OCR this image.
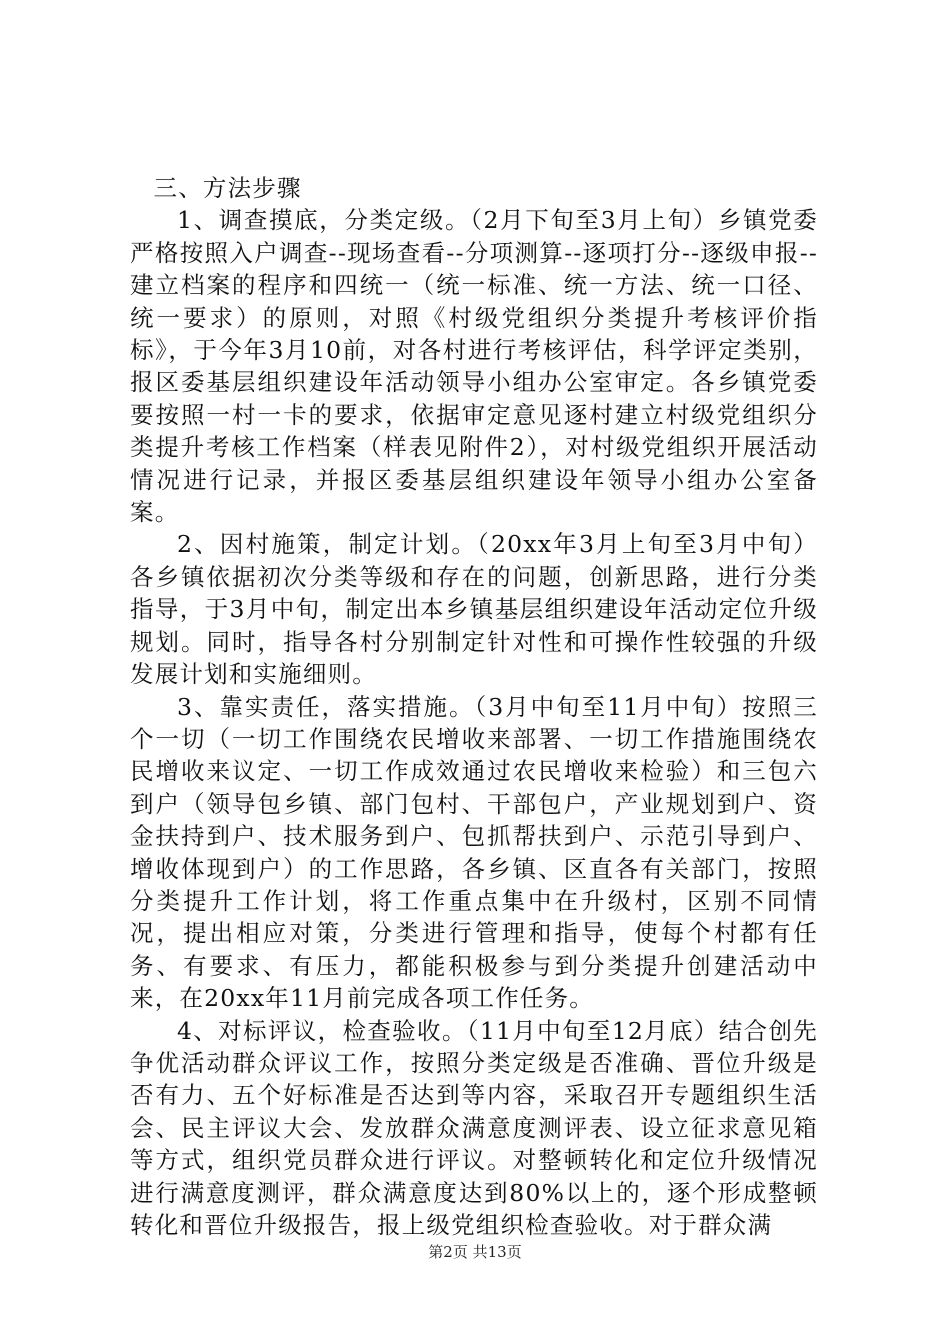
三、方法步骤

1、调查摸底，分类定级。（2月下旬至3月上旬）乡镇党委严格按照入户调查--现场查看--分项测算--逐项打分--逐级申报--建立档案的程序和四统一（统一标准、统一方法、统一口径、统一要求）的原则，对照《村级党组织分类提升考核评价指标》，于今年3月10前，对各村进行考核评估，科学评定类别，报区委基层组织建设年活动领导小组办公室审定。各乡镇党委要按照一村一卡的要求，依据审定意见逐村建立村级党组织分类提升考核工作档案（样表见附件2），对村级党组织开展活动情况进行记录，并报区委基层组织建设年领导小组办公室备案。

2、因村施策，制定计划。（20xx年3月上旬至3月中旬）各乡镇依据初次分类等级和存在的问题，创新思路，进行分类指导，于3月中旬，制定出本乡镇基层组织建设年活动定位升级规划。同时，指导各村分别制定针对性和可操作性较强的升级发展计划和实施细则。

3、靠实责任，落实措施。（3月中旬至11月中旬）按照三个一切（一切工作围绕农民增收来部署、一切工作措施围绕农民增收来议定、一切工作成效通过农民增收来检验）和三包六到户（领导包乡镇、部门包村、干部包户，产业规划到户、资金扶持到户、技术服务到户、包抓帮扶到户、示范引导到户、增收体现到户）的工作思路，各乡镇、区直各有关部门，按照分类提升工作计划，将工作重点集中在升级村，区别不同情况，提出相应对策，分类进行管理和指导，使每个村都有任务、有要求、有压力，都能积极参与到分类提升创建活动中来，在20xx年11月前完成各项工作任务。

4、对标评议，检查验收。（11月中旬至12月底）结合创先争优活动群众评议工作，按照分类定级是否准确、晋位升级是否有力、五个好标准是否达到等内容，采取召开专题组织生活会、民主评议大会、发放群众满意度测评表、设立征求意见箱等方式，组织党员群众进行评议。对整顿转化和定位升级情况进行满意度测评，群众满意度达到80%以上的，逐个形成整顿转化和晋位升级报告，报上级党组织检查验收。对于群众满

第2页 共13页
